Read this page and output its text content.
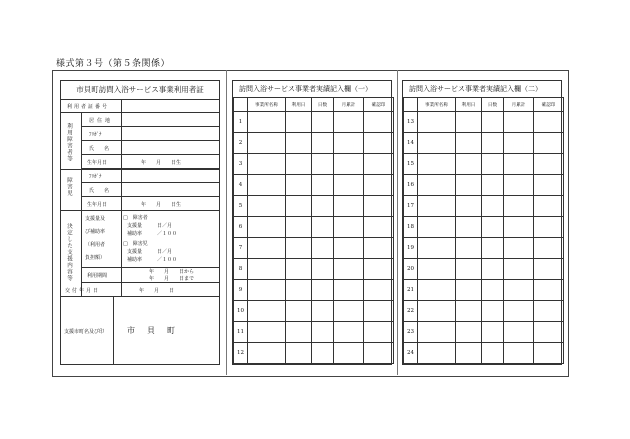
様式第３号（第５条関係）
市貝町訪問入浴サービス事業利用者証
利用者証番号
利用障害者等
居住地
ﾌﾘｶﾞﾅ
氏　　名
生年月日	年　　月　　日生
障害児	ﾌﾘｶﾞﾅ
氏　　名
生年月日	年　　月　　日生
決定した支援内容等
支援量及
び補助率
（利用者
負担額）
□　障害者
支援量　　　日／月
補助率　　　／１００
□　障害児
支援量　　　日／月
補助率　　　／１００
利用期間
年　　月　　日から
年　　月　　日まで
交付年月日	年　　月　　日
支援市町名及び印	市貝町
訪問入浴サービス事業者実績記入欄（一）
	事業所名称	利用日	日数	月累計	確認印
1					
2					
3					
4					
5					
6					
7					
8					
9					
10					
11					
12					
訪問入浴サービス事業者実績記入欄（二）
	事業所名称	利用日	日数	月累計	確認印
13					
14					
15					
16					
17					
18					
19					
20					
21					
22					
23					
24					
